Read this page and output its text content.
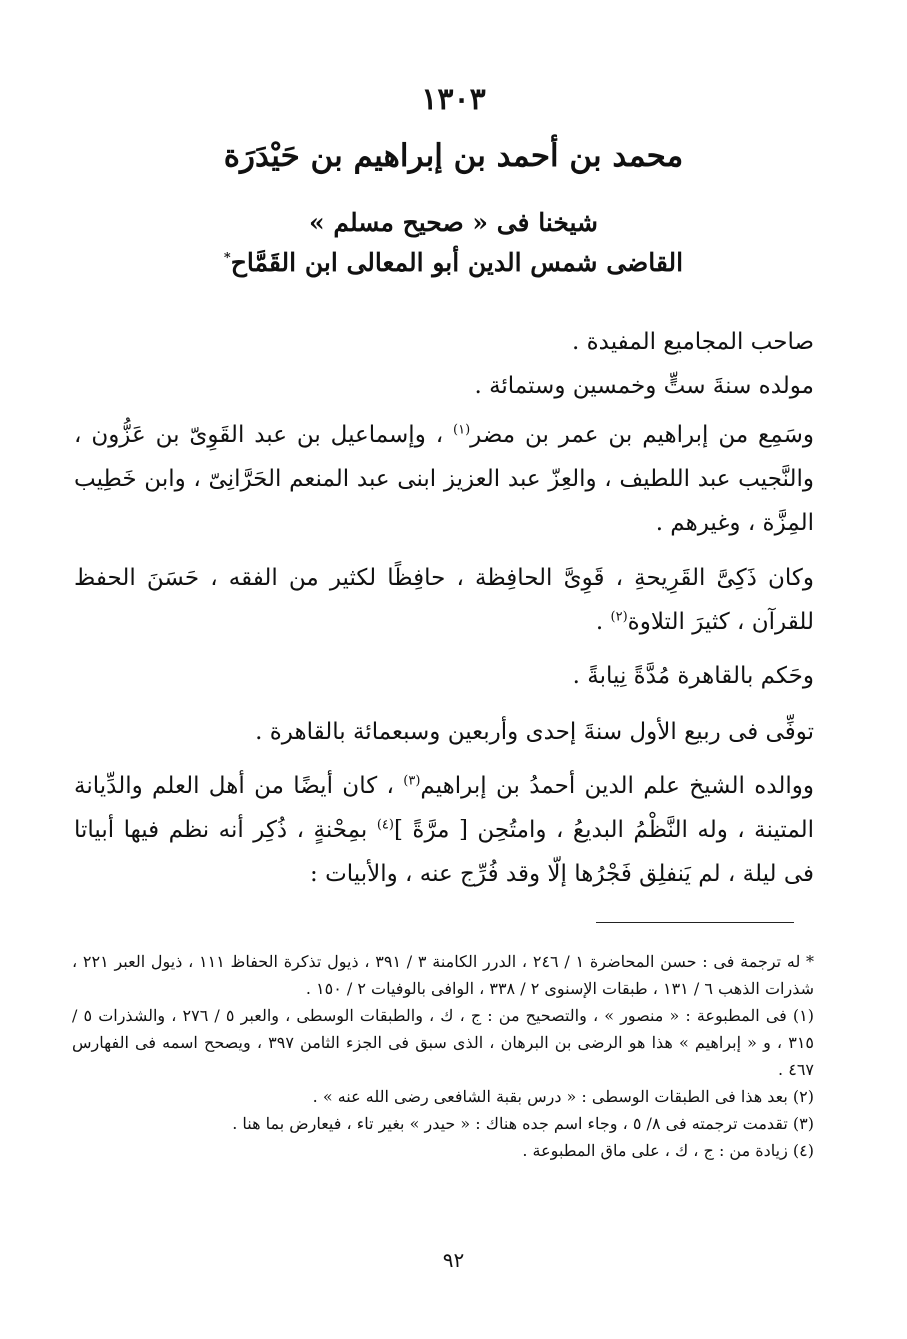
١٣٠٣
محمد بن أحمد بن إبراهيم بن حَيْدَرَة
شيخنا فى « صحيح مسلم »
القاضى شمس الدين أبو المعالى ابن القَمَّاح*
صاحب المجاميع المفيدة .
مولده سنةَ ستٍّ وخمسين وستمائة .
وسَمِع من إبراهيم بن عمر بن مضر$^{(١)}$ ، وإسماعيل بن عبد القَوِىّ بن عَزُّون ، والنَّجيب عبد اللطيف ، والعِزّ عبد العزيز ابنى عبد المنعم الحَرَّانِىّ ، وابن خَطِيب المِزَّة ، وغيرهم .
وكان ذَكِىَّ القَرِيحةِ ، قَوِىَّ الحافِظة ، حافِظًا لكثير من الفقه ، حَسَنَ الحفظ للقرآن ، كثيرَ التلاوة$^{(٢)}$ .
وحَكم بالقاهرة مُدَّةً نِيابةً .
توفِّى فى ربيع الأول سنةَ إحدى وأربعين وسبعمائة بالقاهرة .
ووالده الشيخ علم الدين أحمدُ بن إبراهيم$^{(٣)}$ ، كان أيضًا من أهل العلم والدِّيانة المتينة ، وله النَّظْمُ البديعُ ، وامتُحِن [ مرَّةً ]$^{(٤)}$ بمِحْنةٍ ، ذُكِر أنه نظم فيها أبياتا فى ليلة ، لم يَنفلِق فَجْرُها إلّا وقد فُرِّج عنه ، والأبيات :

* له ترجمة فى : حسن المحاضرة ١ / ٢٤٦ ، الدرر الكامنة ٣ / ٣٩١ ، ذيول تذكرة الحفاظ ١١١ ، ذيول العبر ٢٢١ ، شذرات الذهب ٦ / ١٣١ ، طبقات الإسنوى ٢ / ٣٣٨ ، الوافى بالوفيات ٢ / ١٥٠ .

(١) فى المطبوعة : « منصور » ، والتصحيح من : ج ، ك ، والطبقات الوسطى ، والعبر ٥ / ٢٧٦ ، والشذرات ٥ / ٣١٥ ، و « إبراهيم » هذا هو الرضى بن البرهان ، الذى سبق فى الجزء الثامن ٣٩٧ ، ويصحح اسمه فى الفهارس ٤٦٧ .

(٢) بعد هذا فى الطبقات الوسطى : « درس بقبة الشافعى رضى الله عنه » .

(٣) تقدمت ترجمته فى ٨/ ٥ ، وجاء اسم جده هناك : « حيدر » بغير تاء ، فيعارض بما هنا .

(٤) زيادة من : ج ، ك ، على ماق المطبوعة .

٩٢
